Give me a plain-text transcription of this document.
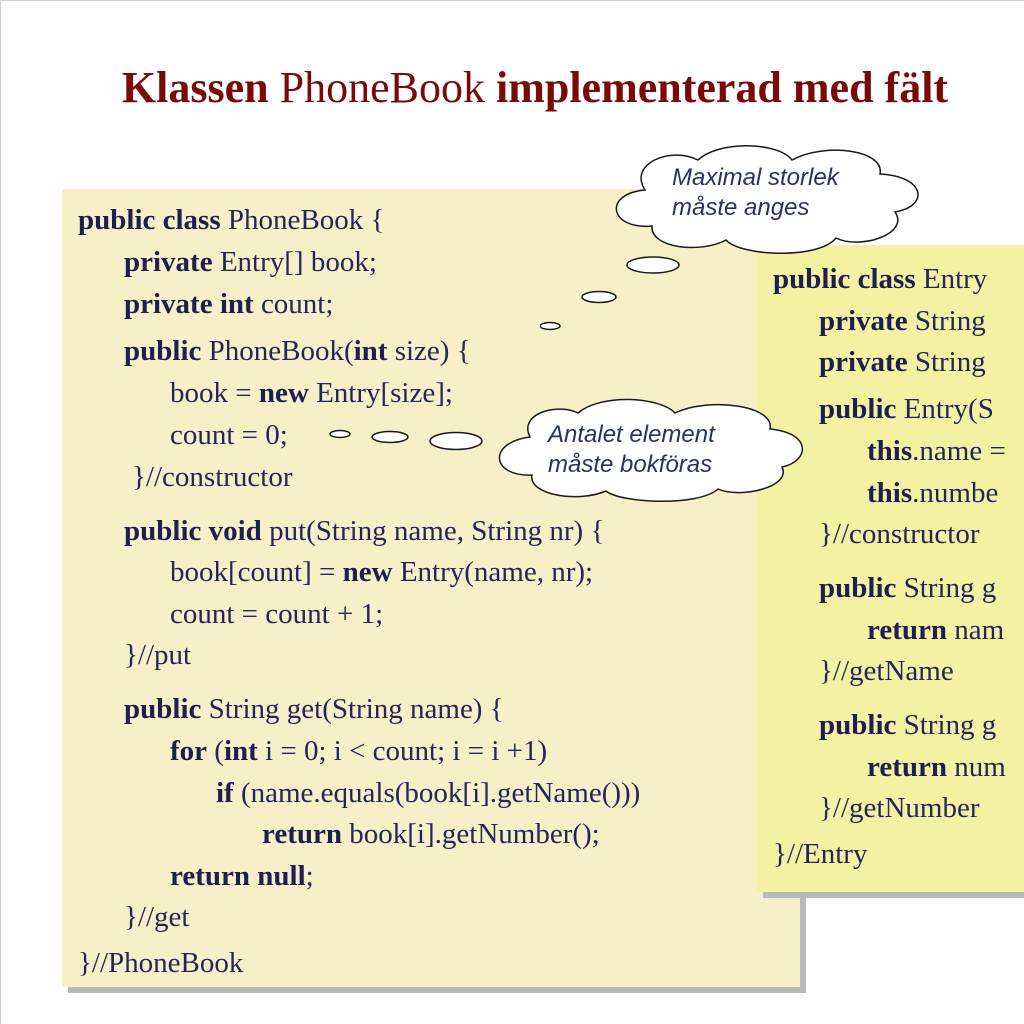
Klassen PhoneBook implementerad med fält
public class PhoneBook {
private Entry[] book;
private int count;
public PhoneBook(int size) {
book = new Entry[size];
count = 0;
}//constructor
public void put(String name, String nr) {
book[count] = new Entry(name, nr);
count = count + 1;
}//put
public String get(String name) {
for (int i = 0; i < count; i = i +1)
if (name.equals(book[i].getName()))
return book[i].getNumber();
return null;
}//get
}//PhoneBook
public class Entry
private String
private String
public Entry(S
this.name =
this.numbe
}//constructor
public String g
return nam
}//getName
public String g
return num
}//getNumber
}//Entry
Maximal storlek
måste anges
Antalet element
måste bokföras
